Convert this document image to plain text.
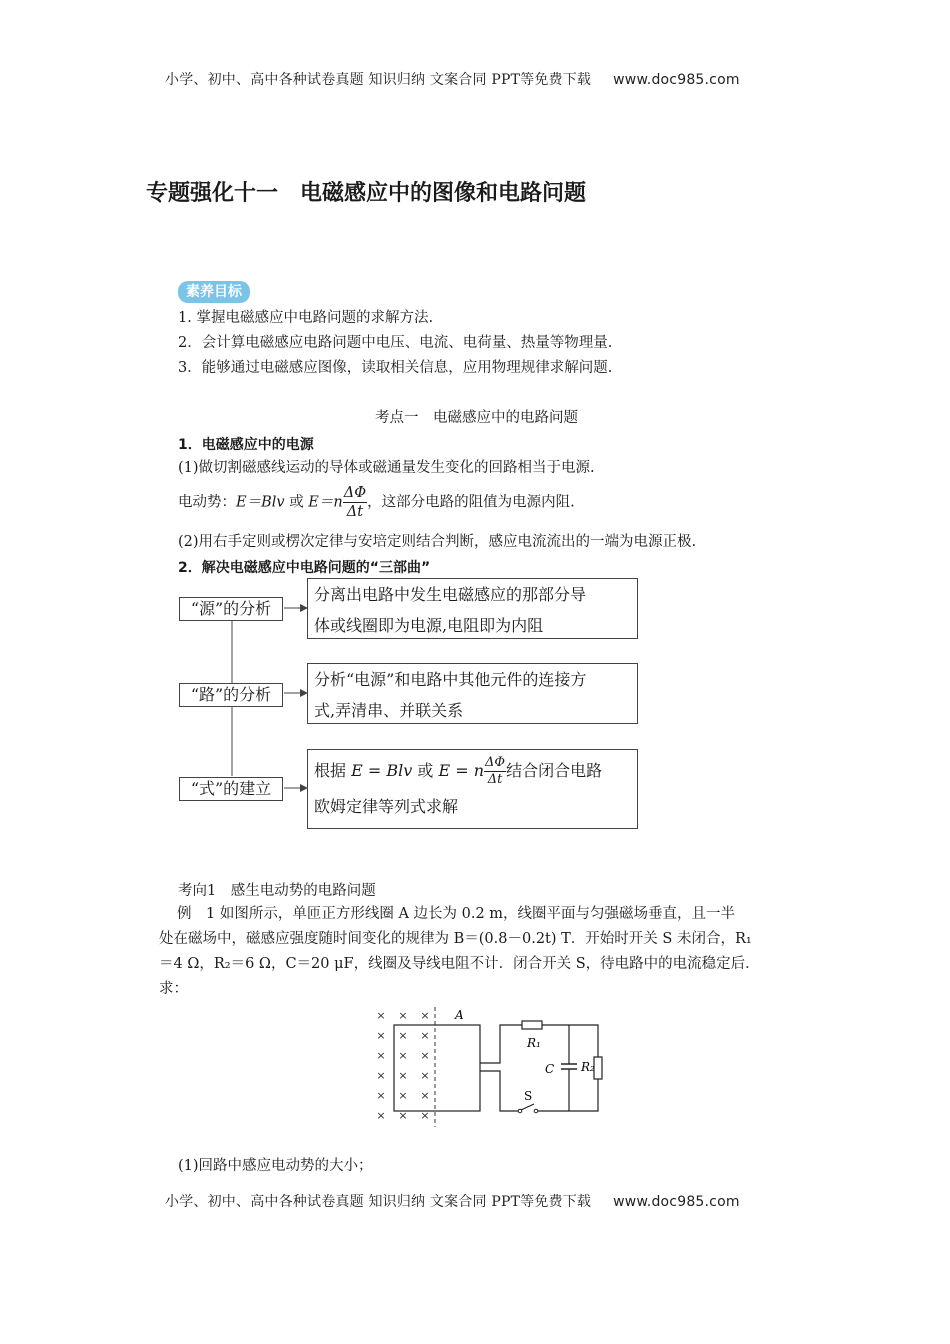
小学、初中、高中各种试卷真题 知识归纳 文案合同 PPT等免费下载 www.doc985.com
专题强化十一　电磁感应中的图像和电路问题
素养目标
1. 掌握电磁感应中电路问题的求解方法.
2．会计算电磁感应电路问题中电压、电流、电荷量、热量等物理量.
3．能够通过电磁感应图像，读取相关信息，应用物理规律求解问题.
考点一　电磁感应中的电路问题
1．电磁感应中的电源
(1)做切割磁感线运动的导体或磁通量发生变化的回路相当于电源.
电动势：E＝Blv 或 $E=n \frac{\Delta\Phi}{\Delta t}$ ，这部分电路的阻值为电源内阻.
(2)用右手定则或楞次定律与安培定则结合判断，感应电流流出的一端为电源正极.
2．解决电磁感应中电路问题的“三部曲”
“源”的分析
“路”的分析
“式”的建立
分离出电路中发生电磁感应的那部分导
体或线圈即为电源,电阻即为内阻
分析“电源”和电路中其他元件的连接方
式,弄清串、并联关系
根据 E = Blv 或 E = n $\frac{\Delta\Phi}{\Delta t}$ 结合闭合电路
欧姆定律等列式求解
考向1　感生电动势的电路问题
例　1 如图所示，单匝正方形线圈 A 边长为 0.2 m，线圈平面与匀强磁场垂直，且一半
处在磁场中，磁感应强度随时间变化的规律为 B＝(0.8－0.2t) T．开始时开关 S 未闭合，R₁
＝4 Ω，R₂＝6 Ω，C＝20 μF，线圈及导线电阻不计．闭合开关 S，待电路中的电流稳定后．
求：
× × ×
× × ×
× × ×
× × ×
× × ×
× × ×
A
R₁
R₂
C
S
(1)回路中感应电动势的大小；
小学、初中、高中各种试卷真题 知识归纳 文案合同 PPT等免费下载 www.doc985.com
